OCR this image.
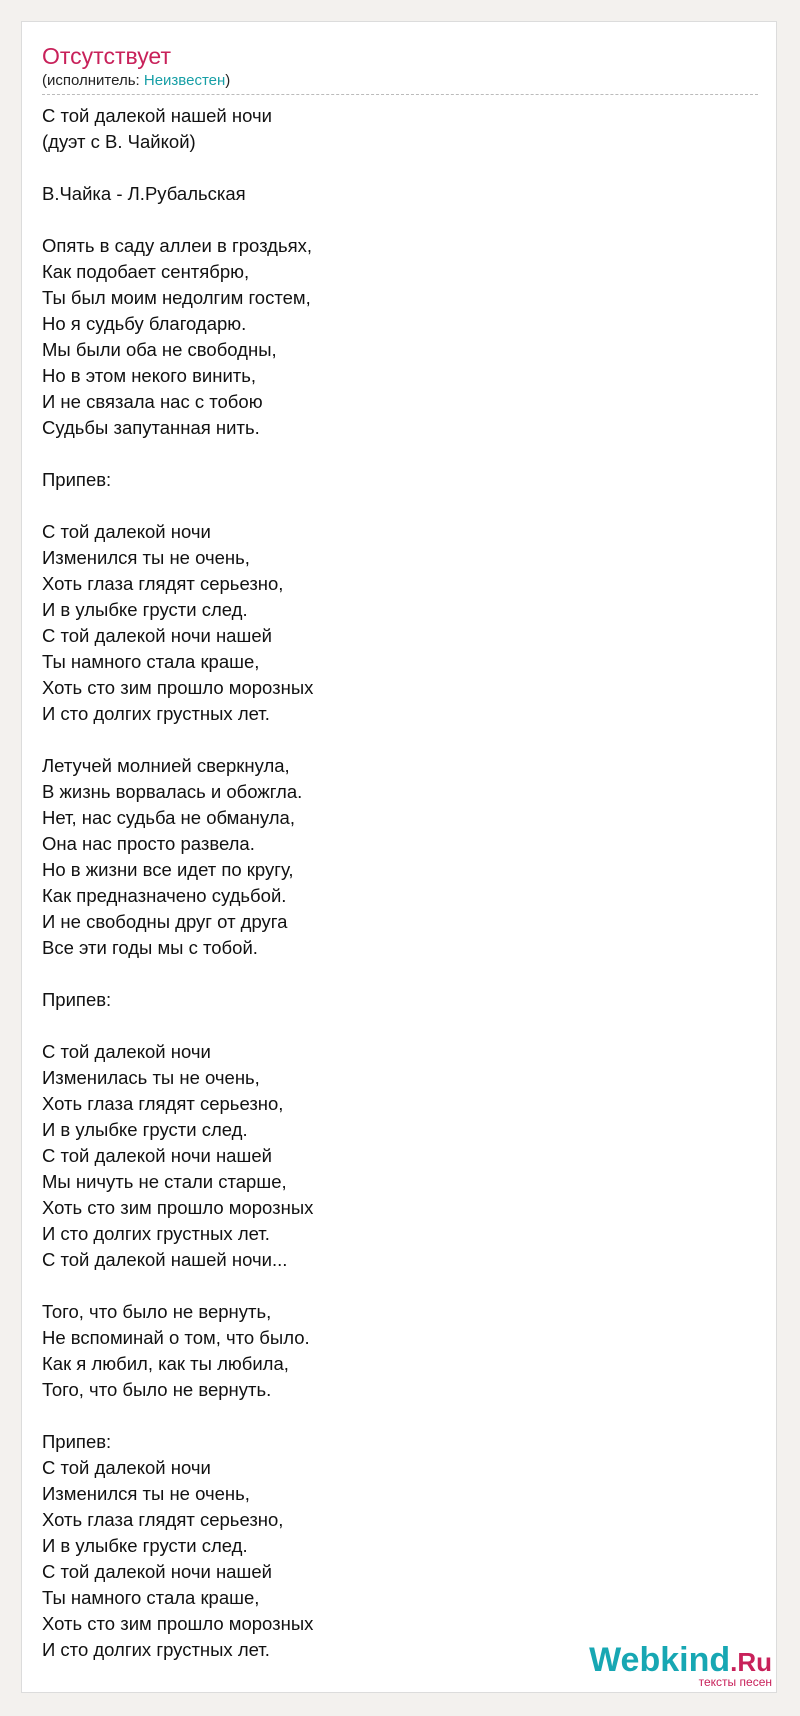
Отсутствует
(исполнитель: Неизвестен)
С той далекой нашей ночи
(дуэт с В. Чайкой)
В.Чайка - Л.Рубальская
Опять в саду аллеи в гроздьях,
Как подобает сентябрю,
Ты был моим недолгим гостем,
Но я судьбу благодарю.
Мы были оба не свободны,
Но в этом некого винить,
И не связала нас с тобою
Судьбы запутанная нить.
Припев:
С той далекой ночи
Изменился ты не очень,
Хоть глаза глядят серьезно,
И в улыбке грусти след.
С той далекой ночи нашей
Ты намного стала краше,
Хоть сто зим прошло морозных
И сто долгих грустных лет.
Летучей молнией сверкнула,
В жизнь ворвалась и обожгла.
Нет, нас судьба не обманула,
Она нас просто развела.
Но в жизни все идет по кругу,
Как предназначено судьбой.
И не свободны друг от друга
Все эти годы мы с тобой.
Припев:
С той далекой ночи
Изменилась ты не очень,
Хоть глаза глядят серьезно,
И в улыбке грусти след.
С той далекой ночи нашей
Мы ничуть не стали старше,
Хоть сто зим прошло морозных
И сто долгих грустных лет.
С той далекой нашей ночи...
Того, что было не вернуть,
Не вспоминай о том, что было.
Как я любил, как ты любила,
Того, что было не вернуть.
Припев:
С той далекой ночи
Изменился ты не очень,
Хоть глаза глядят серьезно,
И в улыбке грусти след.
С той далекой ночи нашей
Ты намного стала краше,
Хоть сто зим прошло морозных
И сто долгих грустных лет.	Webkind.Ru
тексты песен
